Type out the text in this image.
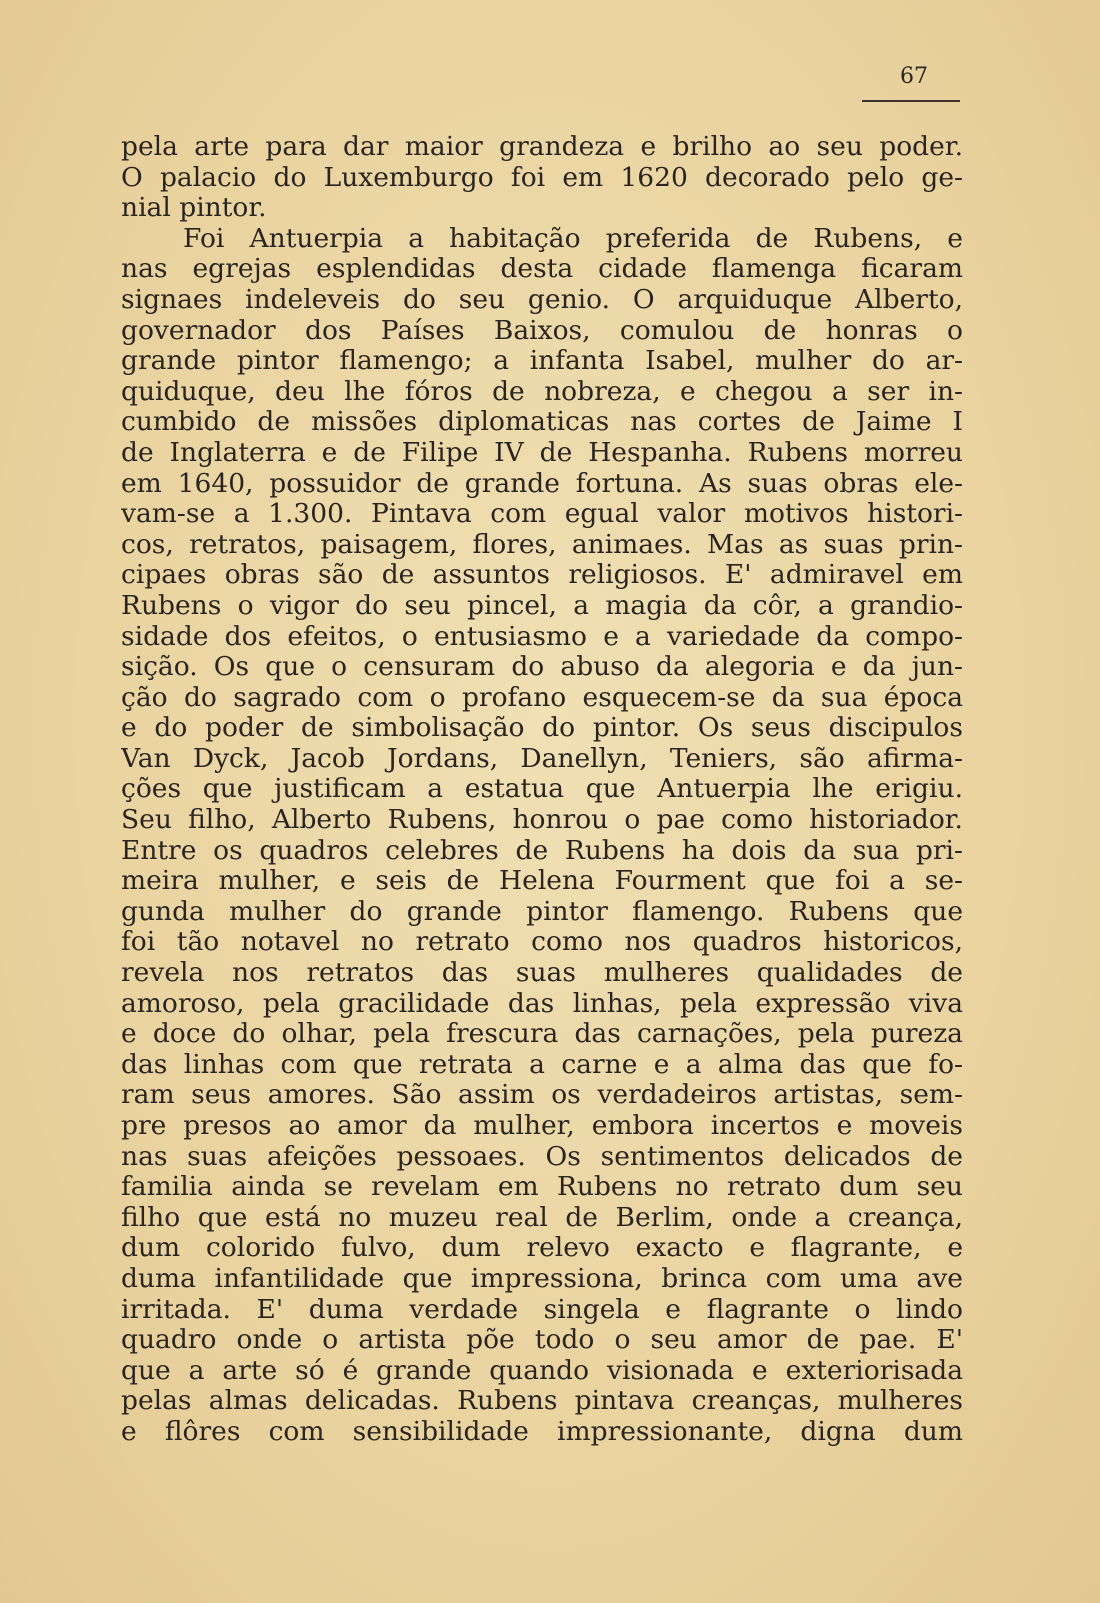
67
pela arte para dar maior grandeza e brilho ao seu poder.
O palacio do Luxemburgo foi em 1620 decorado pelo ge-
nial pintor.
Foi Antuerpia a habitação preferida de Rubens, e
nas egrejas esplendidas desta cidade flamenga ficaram
signaes indeleveis do seu genio. O arquiduque Alberto,
governador dos Países Baixos, comulou de honras o
grande pintor flamengo; a infanta Isabel, mulher do ar-
quiduque, deu lhe fóros de nobreza, e chegou a ser in-
cumbido de missões diplomaticas nas cortes de Jaime I
de Inglaterra e de Filipe IV de Hespanha. Rubens morreu
em 1640, possuidor de grande fortuna. As suas obras ele-
vam-se a 1.300. Pintava com egual valor motivos histori-
cos, retratos, paisagem, flores, animaes. Mas as suas prin-
cipaes obras são de assuntos religiosos. E' admiravel em
Rubens o vigor do seu pincel, a magia da côr, a grandio-
sidade dos efeitos, o entusiasmo e a variedade da compo-
sição. Os que o censuram do abuso da alegoria e da jun-
ção do sagrado com o profano esquecem-se da sua época
e do poder de simbolisação do pintor. Os seus discipulos
Van Dyck, Jacob Jordans, Danellyn, Teniers, são afirma-
ções que justificam a estatua que Antuerpia lhe erigiu.
Seu filho, Alberto Rubens, honrou o pae como historiador.
Entre os quadros celebres de Rubens ha dois da sua pri-
meira mulher, e seis de Helena Fourment que foi a se-
gunda mulher do grande pintor flamengo. Rubens que
foi tão notavel no retrato como nos quadros historicos,
revela nos retratos das suas mulheres qualidades de
amoroso, pela gracilidade das linhas, pela expressão viva
e doce do olhar, pela frescura das carnações, pela pureza
das linhas com que retrata a carne e a alma das que fo-
ram seus amores. São assim os verdadeiros artistas, sem-
pre presos ao amor da mulher, embora incertos e moveis
nas suas afeições pessoaes. Os sentimentos delicados de
familia ainda se revelam em Rubens no retrato dum seu
filho que está no muzeu real de Berlim, onde a creança,
dum colorido fulvo, dum relevo exacto e flagrante, e
duma infantilidade que impressiona, brinca com uma ave
irritada. E' duma verdade singela e flagrante o lindo
quadro onde o artista põe todo o seu amor de pae. E'
que a arte só é grande quando visionada e exteriorisada
pelas almas delicadas. Rubens pintava creanças, mulheres
e flôres com sensibilidade impressionante, digna dum
